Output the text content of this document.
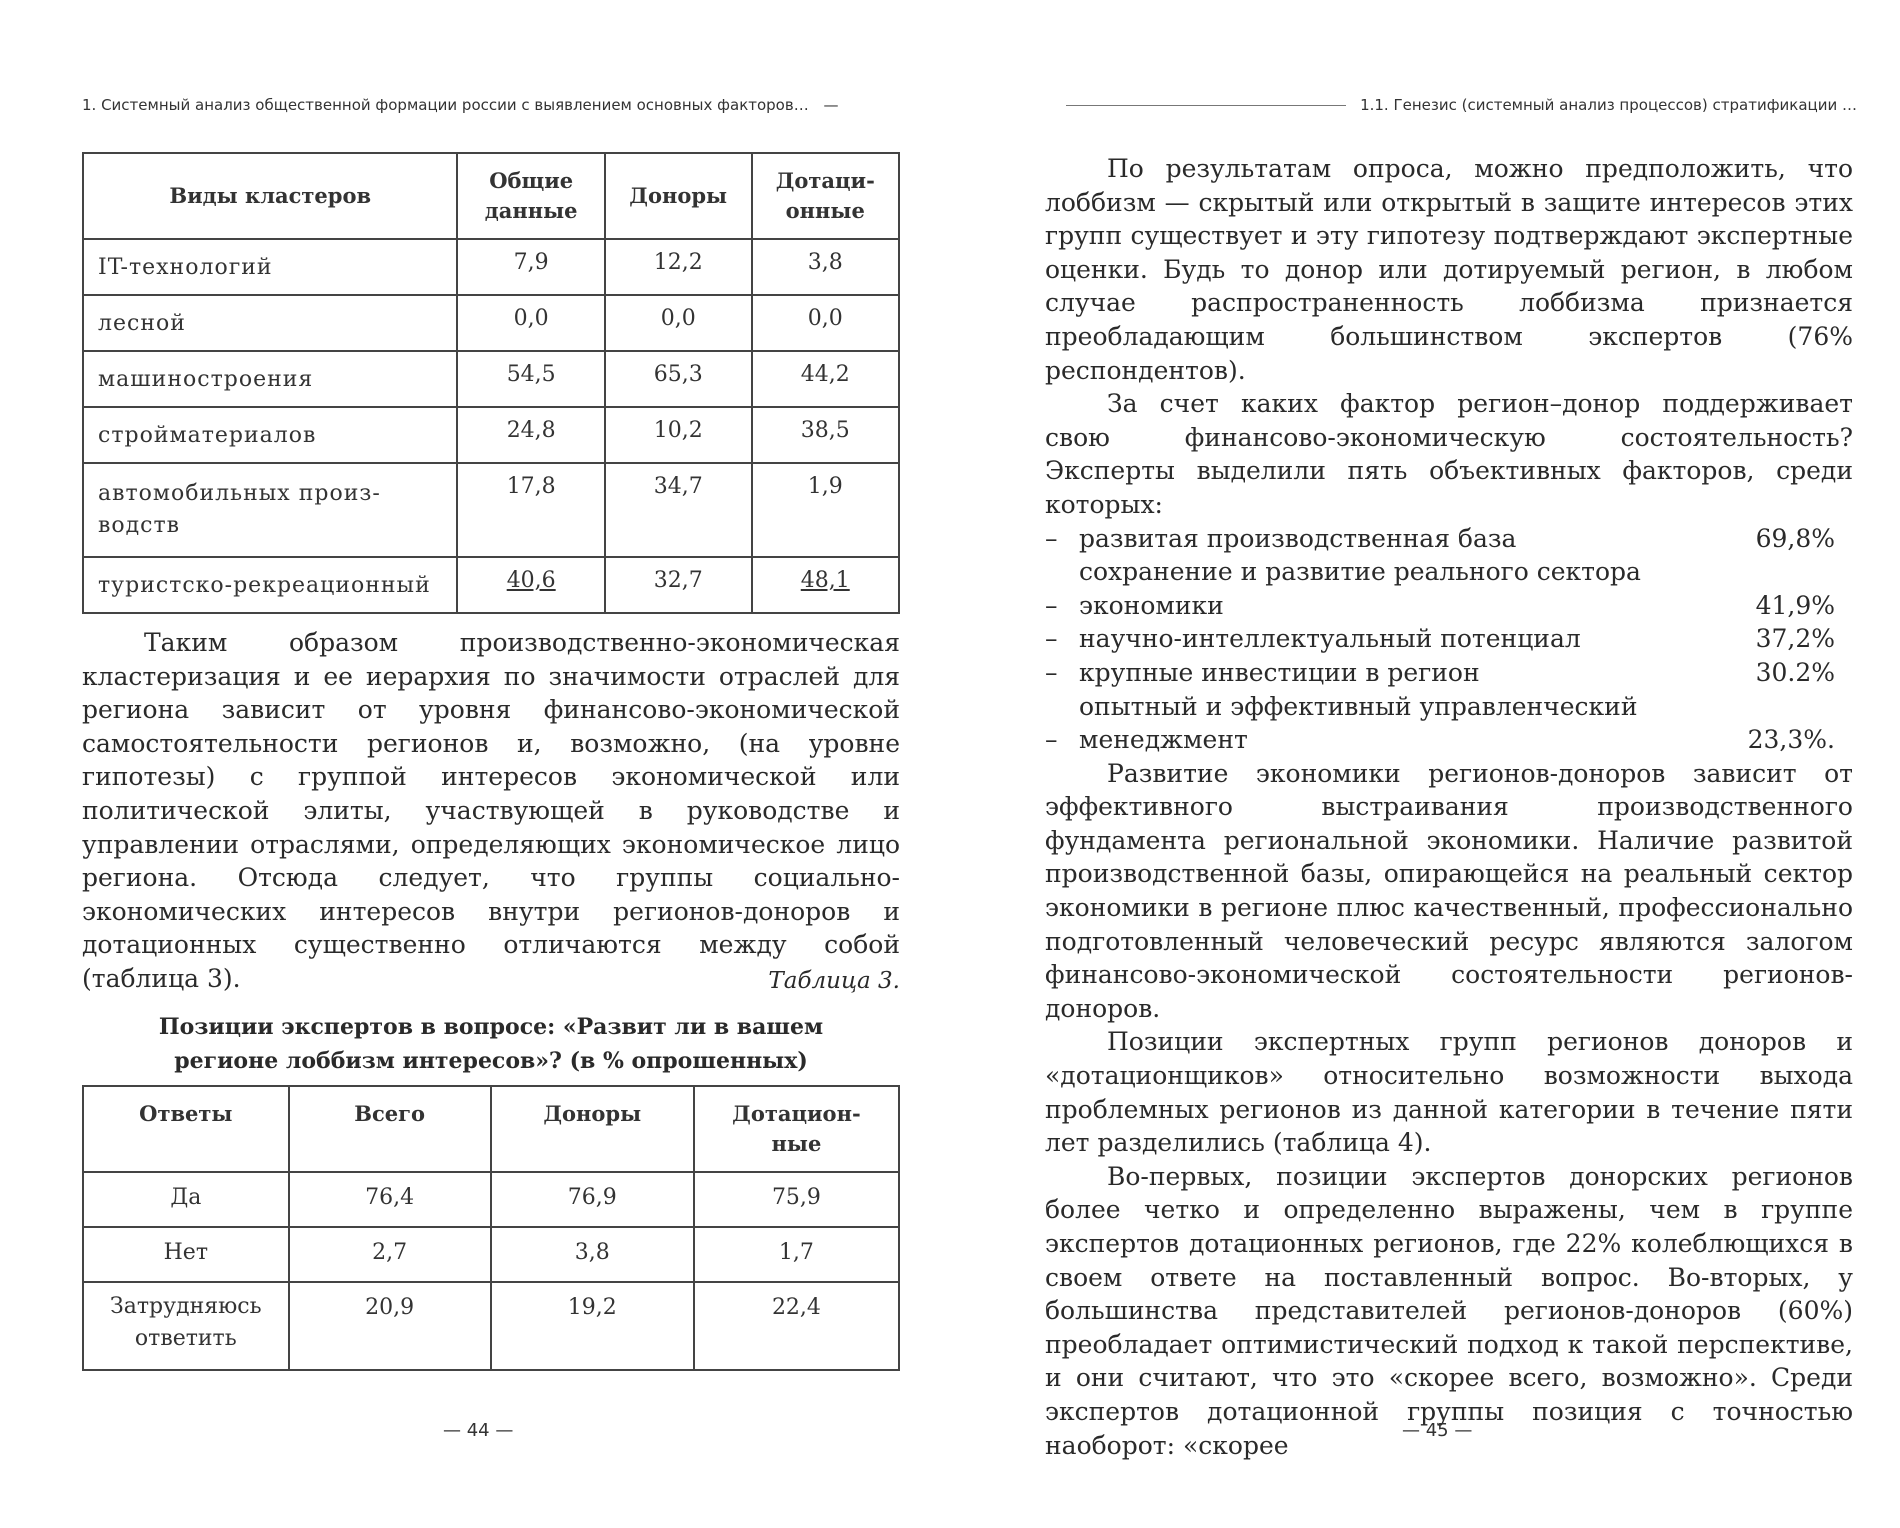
1. Системный анализ общественной формации россии с выявлением основных факторов… —
Виды кластеров	Общие данные	Доноры	Дотаци-онные
IT-технологий	7,9	12,2	3,8
лесной	0,0	0,0	0,0
машиностроения	54,5	65,3	44,2
стройматериалов	24,8	10,2	38,5

автомобильных произ-
водств	17,8	34,7	1,9
туристско-рекреационный	40,6	32,7	48,1

Таким образом производственно-экономическая кластеризация и ее иерархия по значимости отраслей для региона зависит от уровня финансово-экономической самостоятельности регионов и, возможно, (на уровне гипотезы) с группой интересов экономической или политической элиты, участвующей в руководстве и управлении отраслями, определяющих экономическое лицо региона. Отсюда следует, что группы социально-экономических интересов внутри регионов-доноров и дотационных существенно отличаются между собой (таблица 3).	Таблица 3.
Позиции экспертов в вопросе: «Развит ли в вашем
регионе лоббизм интересов»? (в % опрошенных)
Ответы	Всего	Доноры	Дотацион-ные
Да	76,4	76,9	75,9
Нет	2,7	3,8	1,7

Затрудняюсь
ответить	20,9	19,2	22,4
— 44 —
1.1. Генезис (системный анализ процессов) стратификации …

По результатам опроса, можно предположить, что лоббизм — скрытый или открытый в защите интересов этих групп существует и эту гипотезу подтверждают экспертные оценки. Будь то донор или дотируемый регион, в любом случае распространенность лоббизма признается преобладающим большинством экспертов (76% респондентов).

За счет каких фактор регион–донор поддерживает свою финансово-экономическую состоятельность? Эксперты выделили пять объективных факторов, среди которых:

– развитая производственная база	69,8%
–
сохранение и развитие реального сектора
экономики	41,9%
– научно-интеллектуальный потенциал	37,2%
– крупные инвестиции в регион	30.2%
–
опытный и эффективный управленческий
менеджмент	23,3%.

Развитие экономики регионов-доноров зависит от эффективного выстраивания производственного фундамента региональной экономики. Наличие развитой производственной базы, опирающейся на реальный сектор экономики в регионе плюс качественный, профессионально подготовленный человеческий ресурс являются залогом финансово-экономической состоятельности регионов-доноров.

Позиции экспертных групп регионов доноров и «дотационщиков» относительно возможности выхода проблемных регионов из данной категории в течение пяти лет разделились (таблица 4).

Во-первых, позиции экспертов донорских регионов более четко и определенно выражены, чем в группе экспертов дотационных регионов, где 22% колеблющихся в своем ответе на поставленный вопрос. Во-вторых, у большинства представителей регионов-доноров (60%) преобладает оптимистический подход к такой перспективе, и они считают, что это «скорее всего, возможно». Среди экспертов дотационной группы позиция с точностью наоборот: «скорее

— 45 —
